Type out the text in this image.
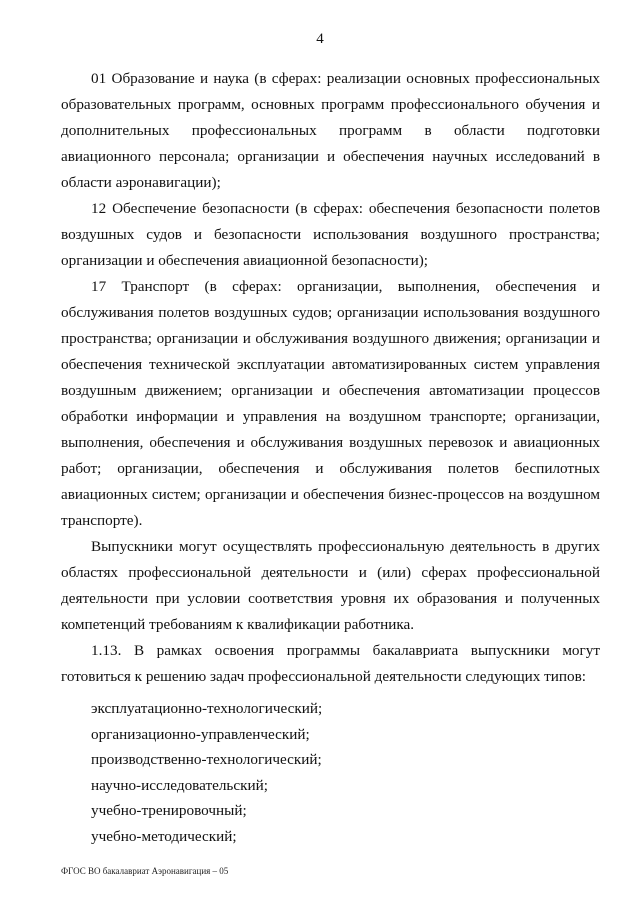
4

01 Образование и наука (в сферах: реализации основных профессиональных образовательных программ, основных программ профессионального обучения и дополнительных профессиональных программ в области подготовки авиационного персонала; организации и обеспечения научных исследований в области аэронавигации);

12 Обеспечение безопасности (в сферах: обеспечения безопасности полетов воздушных судов и безопасности использования воздушного пространства; организации и обеспечения авиационной безопасности);

17 Транспорт (в сферах: организации, выполнения, обеспечения и обслуживания полетов воздушных судов; организации использования воздушного пространства; организации и обслуживания воздушного движения; организации и обеспечения технической эксплуатации автоматизированных систем управления воздушным движением; организации и обеспечения автоматизации процессов обработки информации и управления на воздушном транспорте; организации, выполнения, обеспечения и обслуживания воздушных перевозок и авиационных работ; организации, обеспечения и обслуживания полетов беспилотных авиационных систем; организации и обеспечения бизнес-процессов на воздушном транспорте).

Выпускники могут осуществлять профессиональную деятельность в других областях профессиональной деятельности и (или) сферах профессиональной деятельности при условии соответствия уровня их образования и полученных компетенций требованиям к квалификации работника.

1.13. В рамках освоения программы бакалавриата выпускники могут готовиться к решению задач профессиональной деятельности следующих типов:

эксплуатационно-технологический;
организационно-управленческий;
производственно-технологический;
научно-исследовательский;
учебно-тренировочный;
учебно-методический;
ФГОС ВО бакалавриат Аэронавигация – 05
